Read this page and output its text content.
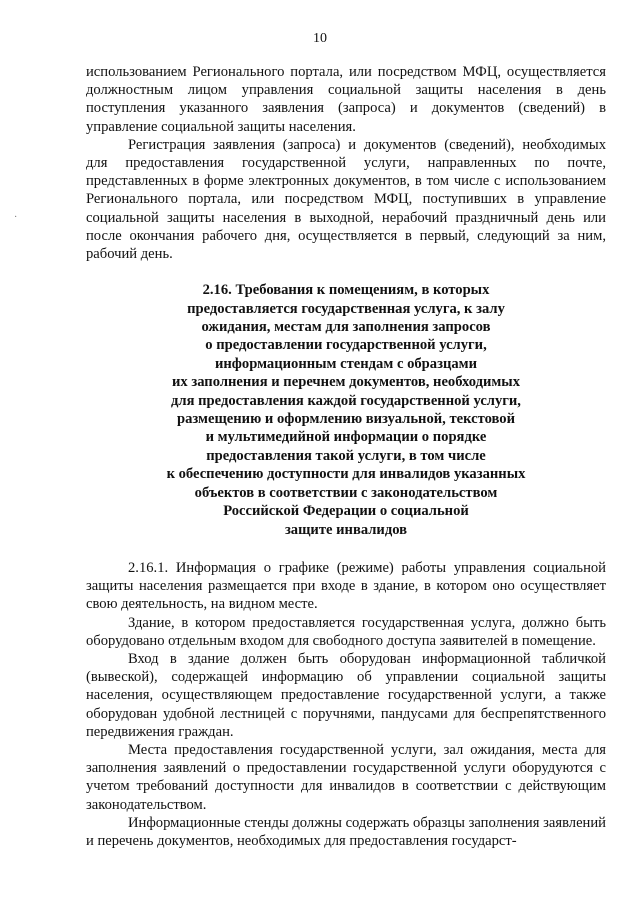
10
·

использованием Регионального портала, или посредством МФЦ, осуществляется должностным лицом управления социальной защиты населения в день поступления указанного заявления (запроса) и документов (сведений) в управление социальной защиты населения.

Регистрация заявления (запроса) и документов (сведений), необходимых для предоставления государственной услуги, направленных по почте, представленных в форме электронных документов, в том числе с использованием Регионального портала, или посредством МФЦ, поступивших в управление социальной защиты населения в выходной, нерабочий праздничный день или после окончания рабочего дня, осуществляется в первый, следующий за ним, рабочий день.

2.16. Требования к помещениям, в которых
предоставляется государственная услуга, к залу
ожидания, местам для заполнения запросов
о предоставлении государственной услуги,
информационным стендам с образцами
их заполнения и перечнем документов, необходимых
для предоставления каждой государственной услуги,
размещению и оформлению визуальной, текстовой
и мультимедийной информации о порядке
предоставления такой услуги, в том числе
к обеспечению доступности для инвалидов указанных
объектов в соответствии с законодательством
Российской Федерации о социальной
защите инвалидов

2.16.1. Информация о графике (режиме) работы управления социальной защиты населения размещается при входе в здание, в котором оно осуществляет свою деятельность, на видном месте.

Здание, в котором предоставляется государственная услуга, должно быть оборудовано отдельным входом для свободного доступа заявителей в помещение.

Вход в здание должен быть оборудован информационной табличкой (вывеской), содержащей информацию об управлении социальной защиты населения, осуществляющем предоставление государственной услуги, а также оборудован удобной лестницей с поручнями, пандусами для беспрепятственного передвижения граждан.

Места предоставления государственной услуги, зал ожидания, места для заполнения заявлений о предоставлении государственной услуги оборудуются с учетом требований доступности для инвалидов в соответствии с действующим законодательством.

Информационные стенды должны содержать образцы заполнения заявлений и перечень документов, необходимых для предоставления государст-
